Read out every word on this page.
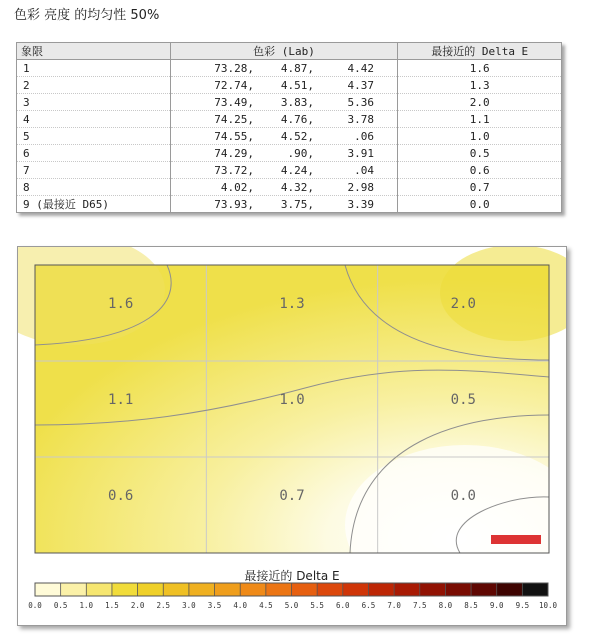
色彩 亮度 的均匀性 50%
象限	色彩 (Lab)	最接近的 Delta E
1	73.28, 4.87, 4.42	1.6
2	72.74, 4.51, 4.37	1.3
3	73.49, 3.83, 5.36	2.0
4	74.25, 4.76, 3.78	1.1
5	74.55, 4.52, .06	1.0
6	74.29, .90, 3.91	0.5
7	73.72, 4.24, .04	0.6
8	4.02, 4.32, 2.98	0.7
9 (最接近 D65)	73.93, 3.75, 3.39	0.0
1.6	1.3	2.0
1.1	1.0	0.5
0.6	0.7	0.0
0.0 0.5 1.0 1.5 2.0 2.5 3.0 3.5 4.0 4.5 5.0 5.5 6.0 6.5 7.0 7.5 8.0 8.5 9.0 9.5 10.0
最接近的 Delta E
